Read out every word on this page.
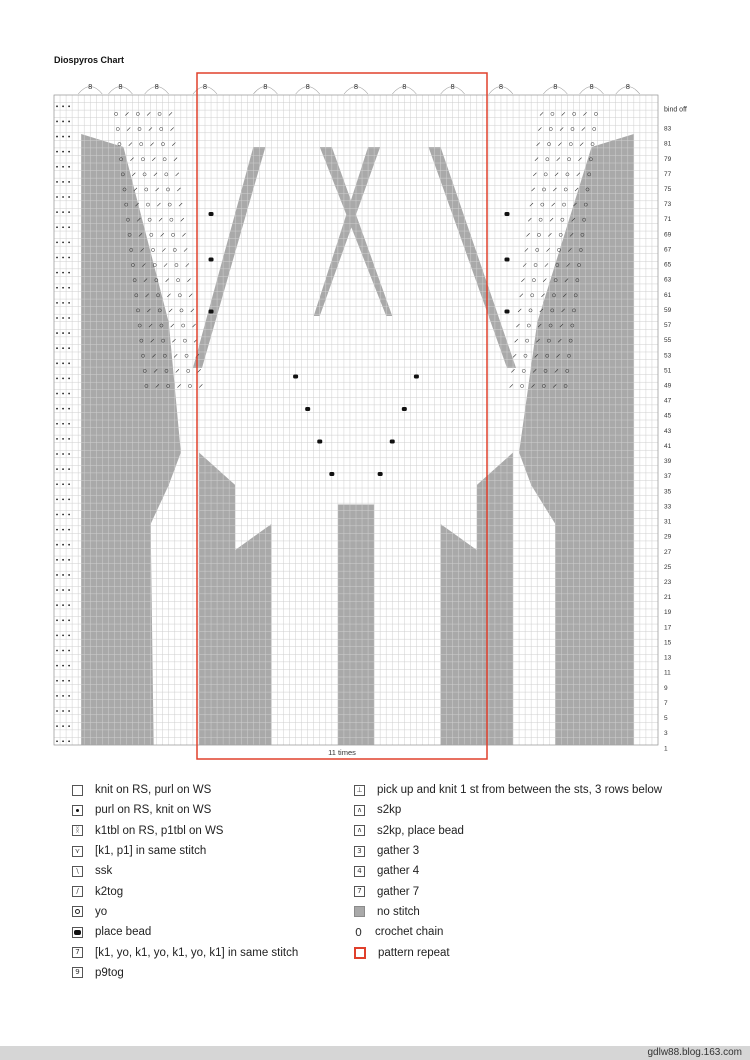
Diospyros Chart
83
81
79
77
75
73
71
69
67
65
63
61
59
57
55
53
51
49
47
45
43
41
39
37
35
33
31
29
27
25
23
21
19
17
15
13
11
9
7
5
3
1
bind off
8	8	8	8	8	8	8	8	8	8	8	8	8
11 times
knit on RS, purl on WS
purl on RS, knit on WS
ᛝ k1tbl on RS, p1tbl on WS
⋎ [k1, p1] in same stitch
\	ssk
/	k2tog
yo
place bead
7 [k1, yo, k1, yo, k1, yo, k1] in same stitch
9 p9tog
⊥ pick up and knit 1 st from between the sts, 3 rows below
∧ s2kp
∧ s2kp, place bead
3 gather 3
4 gather 4
7 gather 7
no stitch
0 crochet chain
pattern repeat
gdlw88.blog.163.com
